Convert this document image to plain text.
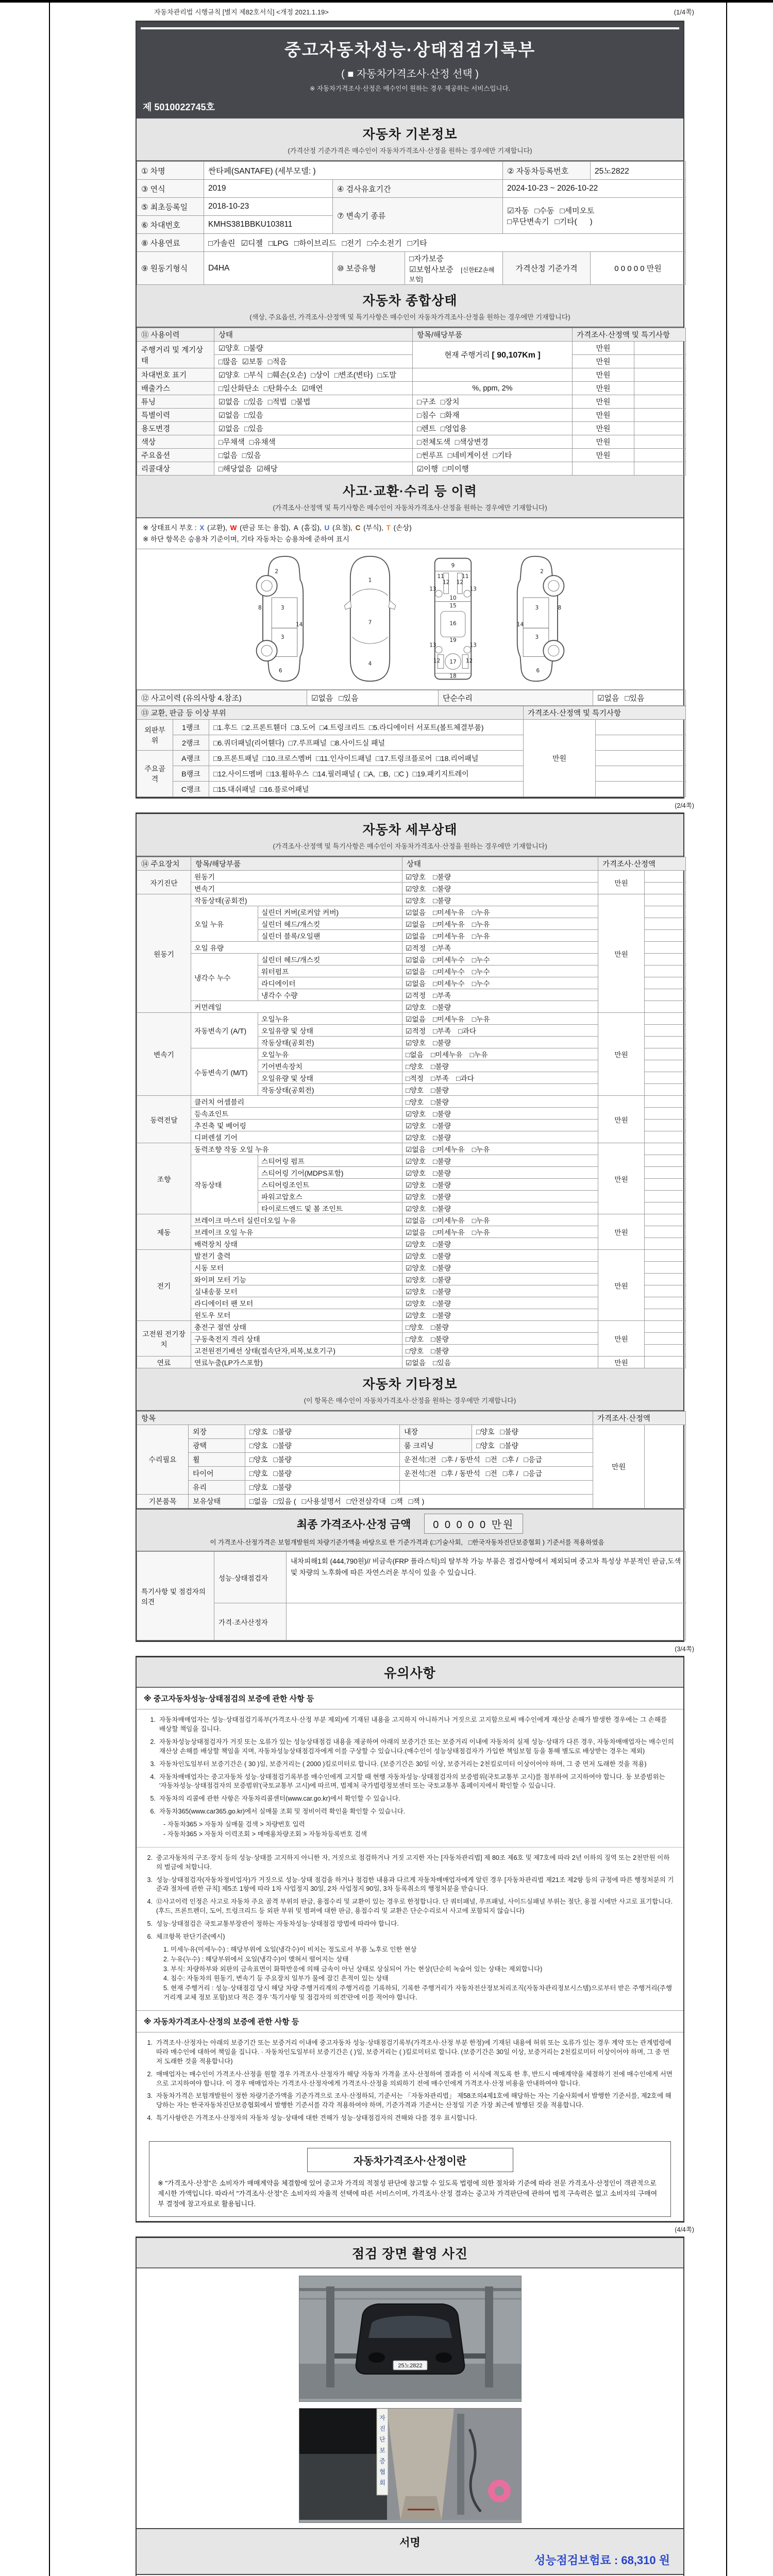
자동차관리법 시행규칙 [별지 제82호서식] <개정 2021.1.19>	(1/4쪽)
중고자동차성능·상태점검기록부
( ■ 자동차가격조사·산정 선택 )
※ 자동차가격조사·산정은 매수인이 원하는 경우 제공하는 서비스입니다.
제 5010022745호
자동차 기본정보
(가격산정 기준가격은 매수인이 자동차가격조사·산정을 원하는 경우에만 기재합니다)
① 차명	싼타페(SANTAFE) (세부모델: )			② 자동차등록번호	25노2822
③ 연식	2019	④ 검사유효기간		2024-10-23 ~ 2026-10-22	
⑤ 최초등록일	2018-10-23	⑦ 변속기 종류		☑자동 □수동 □세미오토
□무단변속기 □기타(      )	

⑥ 차대번호	KMHS381BBKU103811				
⑧ 사용연료	□가솔린 ☑디젤 □LPG □하이브리드 □전기 □수소전기 □기타				
⑨ 원동기형식	D4HA	⑩ 보증유형	□자가보증☑보험사보증 [신한EZ손해보험]	가격산정 기준가격	0 0 0 0 0 만원
자동차 종합상태
(색상, 주요옵션, 가격조사·산정액 및 특기사항은 매수인이 자동차가격조사·산정을 원하는 경우에만 기재합니다)
⑪ 사용이력	상태	항목/해당부품	가격조사·산정액 및 특기사항	
주행거리 및 계기상태	☑양호 □불량	현재 주행거리 [ 90,107Km ]	만원	
	□많음 ☑보통 □적음		만원	
차대번호 표기	☑양호 □부식 □훼손(오손) □상이 □변조(변타) □도말		만원	
배출가스	□일산화탄소 □탄화수소 ☑매연	%, ppm, 2%	만원	
튜닝	☑없음 □있음 □적법 □불법	□구조 □장치	만원	
특별이력	☑없음 □있음	□침수 □화재	만원	
용도변경	☑없음 □있음	□렌트 □영업용	만원	
색상	□무채색 □유채색	□전체도색 □색상변경	만원	
주요옵션	□없음 □있음	□썬루프 □네비게이션 □기타	만원	
리콜대상	□해당없음 ☑해당	☑이행 □미이행		
사고·교환·수리 등 이력
(가격조사·산정액 및 특기사항은 매수인이 자동차가격조사·산정을 원하는 경우에만 기재합니다)
※ 상태표시 부호 : X (교환), W (판금 또는 용접), A (흠집), U (요철), C (부식), T (손상)
※ 하단 항목은 승용차 기준이며, 기타 자동차는 승용차에 준하여 표시
2
8	3
3
14
6
1
7
4
9
11	11
13	13
12 12
10
15
16
13	13
19
12	12
17
18
2
3	8
14
3
6
⑫ 사고이력 (유의사항 4.참조)	☑없음 □있음	단순수리	☑없음 □있음
⑬ 교환, 판금 등 이상 부위			가격조사·산정액 및 특기사항	
외판부위	1랭크	□1.후드 □2.프론트휀더 □3.도어 □4.트렁크리드 □5.라디에이터 서포트(볼트체결부품)	만원	
	2랭크	□6.쿼더패널(리어휀다) □7.루프패널 □8.사이드실 패널		
주요골격	A랭크	□9.프론트패널 □10.크로스멤버 □11.인사이드패널 □17.트렁크플로어 □18.리어패널		
	B랭크	□12.사이드멤버 □13.휠하우스 □14.필러패널 ( □A, □B, □C ) □19.패키지트레이		
	C랭크	□15.대쉬패널 □16.플로어패널		
(2/4쪽)
자동차 세부상태
(가격조사·산정액 및 특기사항은 매수인이 자동차가격조사·산정을 원하는 경우에만 기재합니다)
⑭ 주요장치	항목/해당부품		상태	가격조사·산정액	
자기진단	원동기		☑양호 □불량	만원	
	변속기		☑양호 □불량		
원동기	작동상태(공회전)		☑양호 □불량	만원	
	오일 누유	실린더 커버(로커암 커버)	☑없음 □미세누유 □누유		
		실린더 헤드/개스킷	☑없음 □미세누유 □누유		
		실린더 블록/오일팬	☑없음 □미세누유 □누유		
	오일 유량		☑적정 □부족		
	냉각수 누수	실린더 헤드/개스킷	☑없음 □미세누수 □누수		
		워터펌프	☑없음 □미세누수 □누수		
		라디에이터	☑없음 □미세누수 □누수		
		냉각수 수량	☑적정 □부족		
	커먼레일		☑양호 □불량		
변속기	자동변속기 (A/T)	오일누유	☑없음 □미세누유 □누유	만원	
		오일유량 및 상태	☑적정 □부족 □과다		
		작동상태(공회전)	☑양호 □불량		
	수동변속기 (M/T)	오일누유	□없음 □미세누유 □누유		
		기어변속장치	□양호 □불량		
		오일유량 및 상태	□적정 □부족 □과다		
		작동상태(공회전)	□양호 □불량		
동력전달	클러치 어셈블리		□양호 □불량	만원	
	등속죠인트		☑양호 □불량		
	추진축 및 베어링		☑양호 □불량		
	디퍼렌셜 기어		☑양호 □불량		
조향	동력조향 작동 오일 누유		☑없음 □미세누유 □누유	만원	
	작동상태	스티어링 펌프	☑양호 □불량		
		스티어링 기어(MDPS포함)	☑양호 □불량		
		스티어링조인트	☑양호 □불량		
		파워고압호스	☑양호 □불량		
		타이로드엔드 및 볼 조인트	☑양호 □불량		
제동	브레이크 마스터 실린더오일 누유		☑없음 □미세누유 □누유	만원	
	브레이크 오일 누유		☑없음 □미세누유 □누유		
	배력장치 상태		☑양호 □불량		
전기	발전기 출력		☑양호 □불량	만원	
	시동 모터		☑양호 □불량		
	와이퍼 모터 기능		☑양호 □불량		
	실내송풍 모터		☑양호 □불량		
	라디에이터 팬 모터		☑양호 □불량		
	윈도우 모터		☑양호 □불량		
고전원 전기장치	충전구 절연 상태		□양호 □불량	만원	
	구동축전지 격리 상태		□양호 □불량		
	고전원전기배선 상태(접속단자,피복,보호기구)		□양호 □불량		
연료	연료누출(LP가스포함)		☑없음 □있음	만원	
자동차 기타정보
(이 항목은 매수인이 자동차가격조사·산정을 원하는 경우에만 기재합니다)
항목					가격조사·산정액	
수리필요	외장	□양호 □불량	내장	□양호 □불량	만원	
	광택	□양호 □불량	룸 크리닝	□양호 □불량		
	휠	□양호 □불량	운전석□전 □후 / 동반석 □전 □후 / □응급			
	타이어	□양호 □불량	운전석□전 □후 / 동반석 □전 □후 / □응급			
	유리	□양호 □불량				
기본품목	보유상태	□없음 □있음 ( □사용설명서 □안전삼각대 □잭 □잭 )				
최종 가격조사·산정 금액	0 0 0 0 0 만원
이 가격조사·산정가격은 보험개발원의 차량기준가액을 바탕으로 한 기준가격과 (□기술사회, □한국자동차진단보증협회 ) 기준서를 적용하였음
특기사항 및 점검자의 의견	성능·상태점검자	내차피해1회 (444,790원)// 비금속(FRP 플라스틱)의 탈부착 가능 부품은 점검사항에서 제외되며 중고차 특성상 부분적인 판금,도색 및 차량의 노후화에 따른 자연스러운 부식이 있을 수 있습니다.
	가격·조사산정자	
(3/4쪽)
유의사항
※ 중고자동차성능·상태점검의 보증에 관한 사항 등
1. 자동차매매업자는 성능·상태점검기록부(가격조사·산정 부분 제외)에 기재된 내용을 고지하지 아니하거나 거짓으로 고지함으로써 매수인에게 재산상 손해가 발생한 경우에는 그 손해를 배상할 책임을 집니다.
2. 자동차성능상태점검자가 거짓 또는 오류가 있는 성능상태점검 내용을 제공하여 아래의 보증기간 또는 보증거리 이내에 자동차의 실제 성능·상태가 다른 경우, 자동차매매업자는 매수인의 재산상 손해를 배상할 책임을 지며, 자동차성능상태점검자에게 이를 구상할 수 있습니다.(매수인이 성능상태점검자가 가입한 책임보험 등을 통해 별도로 배상받는 경우는 제외)
3. 자동차인도일부터 보증기간은 ( 30 )일, 보증거리는 ( 2000 )킬로미터로 합니다. (보증기간은 30일 이상, 보증거리는 2천킬로미터 이상이어야 하며, 그 중 먼저 도래한 것을 적용)
4. 자동차매매업자는 중고자동차 성능·상태점검기록부를 매수인에게 고지할 때 현행 자동차성능·상태점검자의 보증범위(국토교통부 고시)를 첨부하여 고지하여야 합니다. 동 보증범위는 '자동차성능·상태점검자의 보증범위'(국토교통부 고시)에 따르며, 법제처 국가법령정보센터 또는 국토교통부 홈페이지에서 확인할 수 있습니다.
5. 자동차의 리콜에 관한 사항은 자동차리콜센터(www.car.go.kr)에서 확인할 수 있습니다.
6. 자동차365(www.car365.go.kr)에서 실매물 조회 및 정비이력 확인을 확인할 수 있습니다.
- 자동차365 > 자동차 실매물 검색 > 차량번호 입력
- 자동차365 > 자동차 이력조회 > 매매용차량조회 > 자동차등록번호 검색
2. 중고자동차의 구조·장치 등의 성능·상태를 고지하지 아니한 자, 거짓으로 점검하거나 거짓 고지한 자는 [자동차관리법] 제 80조 제6호 및 제7호에 따라 2년 이하의 징역 또는 2천만원 이하의 벌금에 처합니다.
3. 성능·상태점검자(자동차정비업자)가 거짓으로 성능·상태 점검을 하거나 점검한 내용과 다르게 자동차매매업자에게 알린 경우 [자동차관리법 제21조 제2항 등의 규정에 따른 행정처분의 기준과 절차에 관한 규칙] 제5조 1항에 따라 1차 사업정지 30일, 2차 사업정지 90일, 3차 등록취소의 행정처분을 받습니다.
4. ⑫사고이력 인정은 사고로 자동차 주요 골격 부위의 판금, 용접수리 및 교환이 있는 경우로 한정합니다. 단 쿼터패널, 루프패널, 사이드실패널 부위는 절단, 용접 시에만 사고로 표기합니다. (후드, 프론트펜더, 도어, 트렁크리드 등 외판 부위 및 범퍼에 대한 판금, 용접수리 및 교환은 단순수리로서 사고에 포함되지 않습니다)
5. 성능·상태점검은 국토교통부장관이 정하는 자동차성능·상태점검 방법에 따라야 합니다.
6. 체크항목 판단기준(예시)
1. 미세누유(미세누수) : 해당부위에 오일(냉각수)이 비치는 정도로서 부품 노후로 인한 현상
2. 누유(누수) : 해당부위에서 오일(냉각수)이 맺혀서 떨어지는 상태
3. 부식: 차량하부와 외판의 금속표면이 화학반응에 의해 금속이 아닌 상태로 상실되어 가는 현상(단순히 녹슬어 있는 상태는 제외합니다)
4. 침수: 자동차의 원동기, 변속기 등 주요장치 일부가 물에 잠긴 흔적이 있는 상태
5. 현재 주행거리 : 성능·상태점검 당시 해당 차량 주행거리계의 주행거리를 기록하되, 기록한 주행거리가 자동차전산정보처리조직(자동차관리정보시스템)으로부터 받은 주행거리(주행거리계 교체 정보 포함)보다 적은 경우 '특기사항 및 점검자의 의견'란에 이를 적어야 합니다.
※ 자동차가격조사·산정의 보증에 관한 사항 등
1. 가격조사·산정자는 아래의 보증기간 또는 보증거리 이내에 중고자동차 성능·상태점검기록부(가격조사·산정 부분 한정)에 기재된 내용에 허위 또는 오류가 있는 경우 계약 또는 관계법령에 따라 매수인에 대하여 책임을 집니다. · 자동차인도일부터 보증기간은 ( )일, 보증거리는 ( )킬로미터로 합니다. (보증기간은 30일 이상, 보증거리는 2천킬로미터 이상이어야 하며, 그 중 먼저 도래한 것을 적용합니다)
2. 매매업자는 매수인이 가격조사·산정을 원할 경우 가격조사·산정자가 해당 자동차 가격을 조사·산정하여 결과를 이 서식에 적도록 한 후, 반드시 매매계약을 체결하기 전에 매수인에게 서면으로 고지하여야 합니다. 이 경우 매매업자는 가격조사·산정자에게 가격조사·산정을 의뢰하기 전에 매수인에게 가격조사·산정 비용을 안내하여야 합니다.
3. 자동차가격은 보험개발원이 정한 차량기준가액을 기준가격으로 조사·산정하되, 기준서는 「자동차관리법」 제58조의4제1호에 해당하는 자는 기술사회에서 발행한 기준서를, 제2호에 해당하는 자는 한국자동차진단보증협회에서 발행한 기준서를 각각 적용하여야 하며, 기준가격과 기준서는 산정일 기준 가장 최근에 발행된 것을 적용합니다.
4. 특기사항란은 가격조사·산정자의 자동차 성능·상태에 대한 견해가 성능·상태점검자의 견해와 다를 경우 표시합니다.
자동차가격조사·산정이란
※ "가격조사·산정"은 소비자가 매매계약을 체결함에 있어 중고차 가격의 적절성 판단에 참고할 수 있도록 법령에 의한 절차와 기준에 따라 전문 가격조사·산정인이 객관적으로 제시한 가액입니다. 따라서 "가격조사·산정"은 소비자의 자율적 선택에 따른 서비스이며, 가격조사·산정 결과는 중고차 가격판단에 관하여 법적 구속력은 없고 소비자의 구매여부 결정에 참고자료로 활용됩니다.
(4/4쪽)
점검 장면 촬영 사진
25노2822
자
진
단
보
증
협
회
서명
성능점검보험료 : 68,310 원
